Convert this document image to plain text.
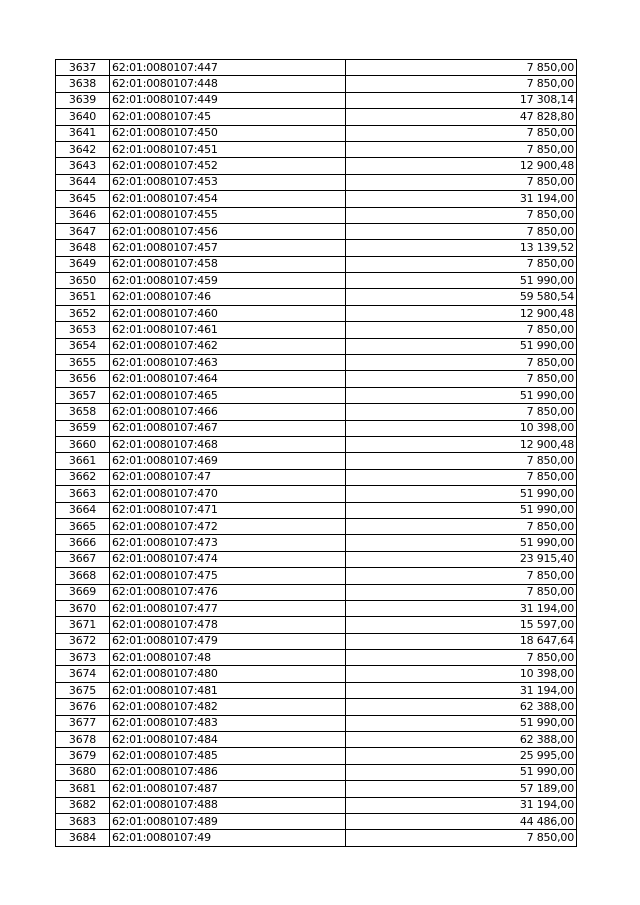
3637	62:01:0080107:447	7 850,00
3638	62:01:0080107:448	7 850,00
3639	62:01:0080107:449	17 308,14
3640	62:01:0080107:45	47 828,80
3641	62:01:0080107:450	7 850,00
3642	62:01:0080107:451	7 850,00
3643	62:01:0080107:452	12 900,48
3644	62:01:0080107:453	7 850,00
3645	62:01:0080107:454	31 194,00
3646	62:01:0080107:455	7 850,00
3647	62:01:0080107:456	7 850,00
3648	62:01:0080107:457	13 139,52
3649	62:01:0080107:458	7 850,00
3650	62:01:0080107:459	51 990,00
3651	62:01:0080107:46	59 580,54
3652	62:01:0080107:460	12 900,48
3653	62:01:0080107:461	7 850,00
3654	62:01:0080107:462	51 990,00
3655	62:01:0080107:463	7 850,00
3656	62:01:0080107:464	7 850,00
3657	62:01:0080107:465	51 990,00
3658	62:01:0080107:466	7 850,00
3659	62:01:0080107:467	10 398,00
3660	62:01:0080107:468	12 900,48
3661	62:01:0080107:469	7 850,00
3662	62:01:0080107:47	7 850,00
3663	62:01:0080107:470	51 990,00
3664	62:01:0080107:471	51 990,00
3665	62:01:0080107:472	7 850,00
3666	62:01:0080107:473	51 990,00
3667	62:01:0080107:474	23 915,40
3668	62:01:0080107:475	7 850,00
3669	62:01:0080107:476	7 850,00
3670	62:01:0080107:477	31 194,00
3671	62:01:0080107:478	15 597,00
3672	62:01:0080107:479	18 647,64
3673	62:01:0080107:48	7 850,00
3674	62:01:0080107:480	10 398,00
3675	62:01:0080107:481	31 194,00
3676	62:01:0080107:482	62 388,00
3677	62:01:0080107:483	51 990,00
3678	62:01:0080107:484	62 388,00
3679	62:01:0080107:485	25 995,00
3680	62:01:0080107:486	51 990,00
3681	62:01:0080107:487	57 189,00
3682	62:01:0080107:488	31 194,00
3683	62:01:0080107:489	44 486,00
3684	62:01:0080107:49	7 850,00
